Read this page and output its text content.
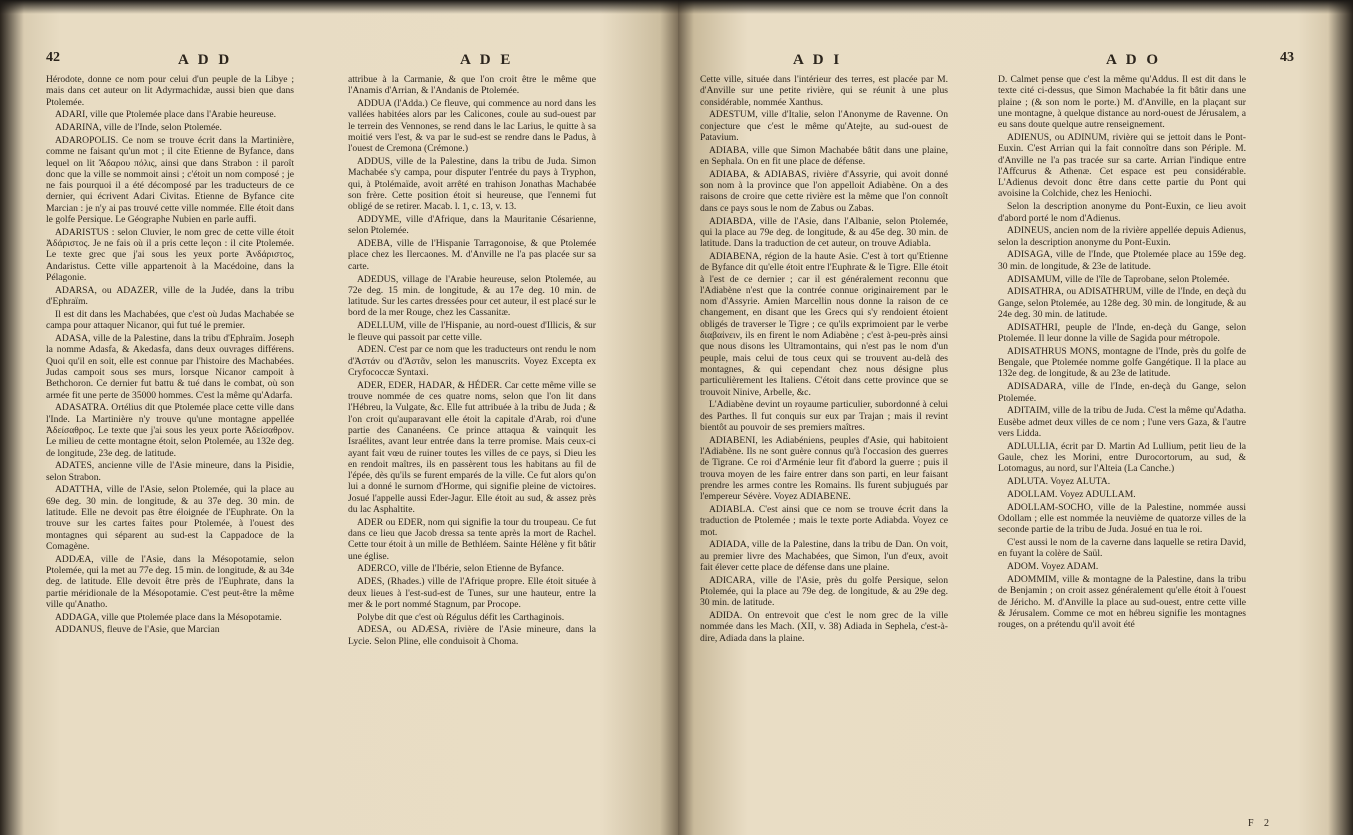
42	A D D	A D E

Hérodote, donne ce nom pour celui d'un peuple de la Libye ; mais dans cet auteur on lit Adyrmachidæ, aussi bien que dans Ptolemée.

ADARI, ville que Ptolemée place dans l'Arabie heureuse.

ADARINA, ville de l'Inde, selon Ptolemée.

ADAROPOLIS. Ce nom se trouve écrit dans la Martinière, comme ne faisant qu'un mot ; il cite Etienne de Byfance, dans lequel on lit Ἄδαρου πόλις, ainsi que dans Strabon : il paroît donc que la ville se nommoit ainsi ; c'étoit un nom composé ; je ne fais pourquoi il a été décomposé par les traducteurs de ce dernier, qui écrivent Adari Civitas. Etienne de Byfance cite Marcian : je n'y ai pas trouvé cette ville nommée. Elle étoit dans le golfe Persique. Le Géographe Nubien en parle auffi.

ADARISTUS : selon Cluvier, le nom grec de cette ville étoit Ἀδάριστος. Je ne fais où il a pris cette leçon : il cite Ptolemée. Le texte grec que j'ai sous les yeux porte Ἀνδάριστος, Andaristus. Cette ville appartenoit à la Macédoine, dans la Pélagonie.

ADARSA, ou ADAZER, ville de la Judée, dans la tribu d'Ephraïm.

Il est dit dans les Machabées, que c'est où Judas Machabée se campa pour attaquer Nicanor, qui fut tué le premier.

ADASA, ville de la Palestine, dans la tribu d'Ephraïm. Joseph la nomme Adasfa, & Akedasfa, dans deux ouvrages différens. Quoi qu'il en soit, elle est connue par l'histoire des Machabées. Judas campoit sous ses murs, lorsque Nicanor campoit à Bethchoron. Ce dernier fut battu & tué dans le combat, où son armée fit une perte de 35000 hommes. C'est la même qu'Adarfa.

ADASATRA. Ortélius dit que Ptolemée place cette ville dans l'Inde. La Martinière n'y trouve qu'une montagne appellée Ἀδείσαθρος. Le texte que j'ai sous les yeux porte Ἀδείσαθρον. Le milieu de cette montagne étoit, selon Ptolemée, au 132e deg. de longitude, 23e deg. de latitude.

ADATES, ancienne ville de l'Asie mineure, dans la Pisidie, selon Strabon.

ADATTHA, ville de l'Asie, selon Ptolemée, qui la place au 69e deg. 30 min. de longitude, & au 37e deg. 30 min. de latitude. Elle ne devoit pas être éloignée de l'Euphrate. On la trouve sur les cartes faites pour Ptolemée, à l'ouest des montagnes qui séparent au sud-est la Cappadoce de la Comagène.

ADDÆA, ville de l'Asie, dans la Mésopotamie, selon Ptolemée, qui la met au 77e deg. 15 min. de longitude, & au 34e deg. de latitude. Elle devoit être près de l'Euphrate, dans la partie méridionale de la Mésopotamie. C'est peut-être la même ville qu'Anatho.

ADDAGA, ville que Ptolemée place dans la Mésopotamie.

ADDANUS, fleuve de l'Asie, que Marcian

attribue à la Carmanie, & que l'on croit être le même que l'Anamis d'Arrian, & l'Andanis de Ptolemée.

ADDUA (l'Adda.) Ce fleuve, qui commence au nord dans les vallées habitées alors par les Calicones, coule au sud-ouest par le terrein des Vennones, se rend dans le lac Larius, le quitte à sa moitié vers l'est, & va par le sud-est se rendre dans le Padus, à l'ouest de Cremona (Crémone.)

ADDUS, ville de la Palestine, dans la tribu de Juda. Simon Machabée s'y campa, pour disputer l'entrée du pays à Tryphon, qui, à Ptolémaïde, avoit arrêté en trahison Jonathas Machabée son frère. Cette position étoit si heureuse, que l'ennemi fut obligé de se retirer. Macab. l. 1, c. 13, v. 13.

ADDYME, ville d'Afrique, dans la Mauritanie Césarienne, selon Ptolemée.

ADEBA, ville de l'Hispanie Tarragonoise, & que Ptolemée place chez les Ilercaones. M. d'Anville ne l'a pas placée sur sa carte.

ADEDUS, village de l'Arabie heureuse, selon Ptolemée, au 72e deg. 15 min. de longitude, & au 17e deg. 10 min. de latitude. Sur les cartes dressées pour cet auteur, il est placé sur le bord de la mer Rouge, chez les Cassanitæ.

ADELLUM, ville de l'Hispanie, au nord-ouest d'Illicis, & sur le fleuve qui passoit par cette ville.

ADEN. C'est par ce nom que les traducteurs ont rendu le nom d'Ἀστάν ou d'Ἀστᾶν, selon les manuscrits. Voyez Excepta ex Cryfococcæ Syntaxi.

ADER, EDER, HADAR, & HÉDER. Car cette même ville se trouve nommée de ces quatre noms, selon que l'on lit dans l'Hébreu, la Vulgate, &c. Elle fut attribuée à la tribu de Juda ; & l'on croit qu'auparavant elle étoit la capitale d'Arab, roi d'une partie des Cananéens. Ce prince attaqua & vainquit les Israélites, avant leur entrée dans la terre promise. Mais ceux-ci ayant fait vœu de ruiner toutes les villes de ce pays, si Dieu les en rendoit maîtres, ils en passèrent tous les habitans au fil de l'épée, dès qu'ils se furent emparés de la ville. Ce fut alors qu'on lui a donné le surnom d'Horme, qui signifie pleine de victoires. Josué l'appelle aussi Eder-Jagur. Elle étoit au sud, & assez près du lac Asphaltite.

ADER ou EDER, nom qui signifie la tour du troupeau. Ce fut dans ce lieu que Jacob dressa sa tente après la mort de Rachel. Cette tour étoit à un mille de Bethléem. Sainte Hélène y fit bâtir une église.

ADERCO, ville de l'Ibérie, selon Etienne de Byfance.

ADES, (Rhades.) ville de l'Afrique propre. Elle étoit située à deux lieues à l'est-sud-est de Tunes, sur une hauteur, entre la mer & le port nommé Stagnum, par Procope.

Polybe dit que c'est où Régulus défit les Carthaginois.

ADESA, ou ADÆSA, rivière de l'Asie mineure, dans la Lycie. Selon Pline, elle conduisoit à Choma.

A D I	A D O	43

Cette ville, située dans l'intérieur des terres, est placée par M. d'Anville sur une petite rivière, qui se réunit à une plus considérable, nommée Xanthus.

ADESTUM, ville d'Italie, selon l'Anonyme de Ravenne. On conjecture que c'est le même qu'Atejte, au sud-ouest de Patavium.

ADIABA, ville que Simon Machabée bâtit dans une plaine, en Sephala. On en fit une place de défense.

ADIABA, & ADIABAS, rivière d'Assyrie, qui avoit donné son nom à la province que l'on appelloit Adiabène. On a des raisons de croire que cette rivière est la même que l'on connoît dans ce pays sous le nom de Zabus ou Zabas.

ADIABDA, ville de l'Asie, dans l'Albanie, selon Ptolemée, qui la place au 79e deg. de longitude, & au 45e deg. 30 min. de latitude. Dans la traduction de cet auteur, on trouve Adiabla.

ADIABENA, région de la haute Asie. C'est à tort qu'Etienne de Byfance dit qu'elle étoit entre l'Euphrate & le Tigre. Elle étoit à l'est de ce dernier ; car il est généralement reconnu que l'Adiabène n'est que la contrée connue originairement par le nom d'Assyrie. Amien Marcellin nous donne la raison de ce changement, en disant que les Grecs qui s'y rendoient étoient obligés de traverser le Tigre ; ce qu'ils exprimoient par le verbe διαβαίνειν, ils en firent le nom Adiabène ; c'est à-peu-près ainsi que nous disons les Ultramontains, qui n'est pas le nom d'un peuple, mais celui de tous ceux qui se trouvent au-delà des montagnes, & qui cependant chez nous désigne plus particulièrement les Italiens. C'étoit dans cette province que se trouvoit Ninive, Arbelle, &c.

L'Adiabène devint un royaume particulier, subordonné à celui des Parthes. Il fut conquis sur eux par Trajan ; mais il revint bientôt au pouvoir de ses premiers maîtres.

ADIABENI, les Adiabéniens, peuples d'Asie, qui habitoient l'Adiabène. Ils ne sont guère connus qu'à l'occasion des guerres de Tigrane. Ce roi d'Arménie leur fit d'abord la guerre ; puis il trouva moyen de les faire entrer dans son parti, en leur faisant prendre les armes contre les Romains. Ils furent subjugués par l'empereur Sévère. Voyez ADIABENE.

ADIABLA. C'est ainsi que ce nom se trouve écrit dans la traduction de Ptolemée ; mais le texte porte Adiabda. Voyez ce mot.

ADIADA, ville de la Palestine, dans la tribu de Dan. On voit, au premier livre des Machabées, que Simon, l'un d'eux, avoit fait élever cette place de défense dans une plaine.

ADICARA, ville de l'Asie, près du golfe Persique, selon Ptolemée, qui la place au 79e deg. de longitude, & au 29e deg. 30 min. de latitude.

ADIDA. On entrevoit que c'est le nom grec de la ville nommée dans les Mach. (XII, v. 38) Adiada in Sephela, c'est-à-dire, Adiada dans la plaine.

D. Calmet pense que c'est la même qu'Addus. Il est dit dans le texte cité ci-dessus, que Simon Machabée la fit bâtir dans une plaine ; (& son nom le porte.) M. d'Anville, en la plaçant sur une montagne, à quelque distance au nord-ouest de Jérusalem, a eu sans doute quelque autre renseignement.

ADIENUS, ou ADINUM, rivière qui se jettoit dans le Pont-Euxin. C'est Arrian qui la fait connoître dans son Périple. M. d'Anville ne l'a pas tracée sur sa carte. Arrian l'indique entre l'Affcurus & Athenæ. Cet espace est peu considérable. L'Adienus devoit donc être dans cette partie du Pont qui avoisine la Colchide, chez les Heniochi.

Selon la description anonyme du Pont-Euxin, ce lieu avoit d'abord porté le nom d'Adienus.

ADINEUS, ancien nom de la rivière appellée depuis Adienus, selon la description anonyme du Pont-Euxin.

ADISAGA, ville de l'Inde, que Ptolemée place au 159e deg. 30 min. de longitude, & 23e de latitude.

ADISAMUM, ville de l'île de Taprobane, selon Ptolemée.

ADISATHRA, ou ADISATHRUM, ville de l'Inde, en deçà du Gange, selon Ptolemée, au 128e deg. 30 min. de longitude, & au 24e deg. 30 min. de latitude.

ADISATHRI, peuple de l'Inde, en-deçà du Gange, selon Ptolemée. Il leur donne la ville de Sagida pour métropole.

ADISATHRUS MONS, montagne de l'Inde, près du golfe de Bengale, que Ptolemée nomme golfe Gangétique. Il la place au 132e deg. de longitude, & au 23e de latitude.

ADISADARA, ville de l'Inde, en-deçà du Gange, selon Ptolemée.

ADITAIM, ville de la tribu de Juda. C'est la même qu'Adatha. Eusèbe admet deux villes de ce nom ; l'une vers Gaza, & l'autre vers Lidda.

ADLULLIA, écrit par D. Martin Ad Lullium, petit lieu de la Gaule, chez les Morini, entre Durocortorum, au sud, & Lotomagus, au nord, sur l'Alteia (La Canche.)

ADLUTA. Voyez ALUTA.

ADOLLAM. Voyez ADULLAM.

ADOLLAM-SOCHO, ville de la Palestine, nommée aussi Odollam ; elle est nommée la neuvième de quatorze villes de la seconde partie de la tribu de Juda. Josué en tua le roi.

C'est aussi le nom de la caverne dans laquelle se retira David, en fuyant la colère de Saül.

ADOM. Voyez ADAM.

ADOMMIM, ville & montagne de la Palestine, dans la tribu de Benjamin ; on croit assez généralement qu'elle étoit à l'ouest de Jéricho. M. d'Anville la place au sud-ouest, entre cette ville & Jérusalem. Comme ce mot en hébreu signifie les montagnes rouges, on a prétendu qu'il avoit été

F 2
